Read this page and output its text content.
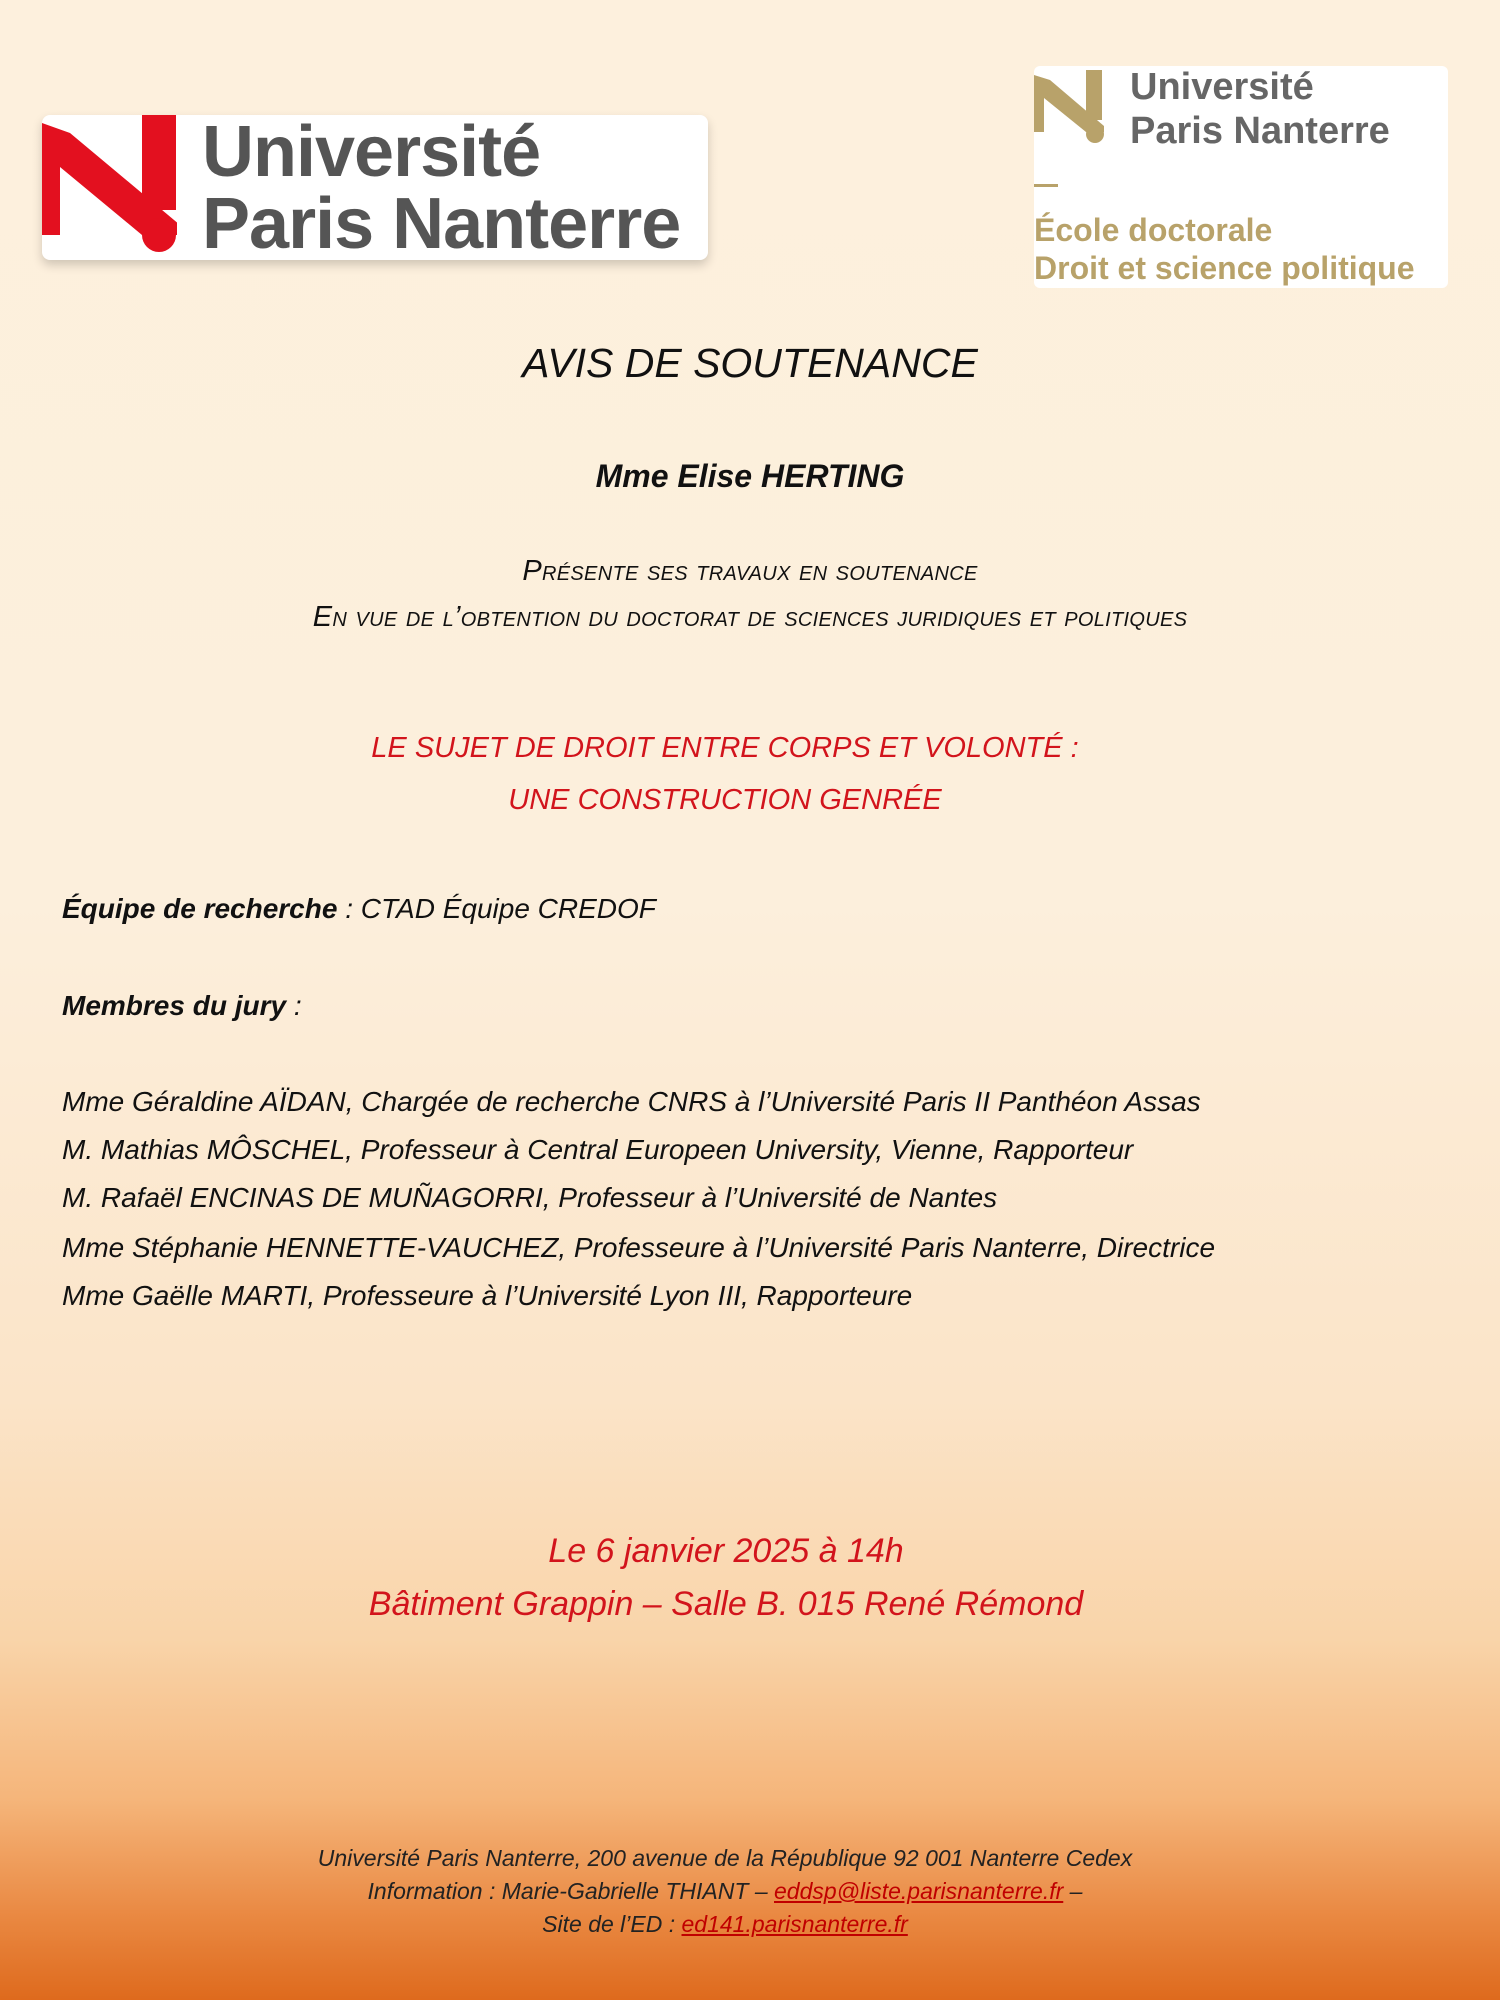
Université
Paris Nanterre
Université
Paris Nanterre
École doctorale
Droit et science politique
AVIS DE SOUTENANCE
Mme Elise HERTING
Présente ses travaux en soutenance
En vue de l’obtention du doctorat de sciences juridiques et politiques
LE SUJET DE DROIT ENTRE CORPS ET VOLONTÉ :
UNE CONSTRUCTION GENRÉE
Équipe de recherche : CTAD Équipe CREDOF
Membres du jury :
Mme Géraldine AÏDAN, Chargée de recherche CNRS à l’Université Paris II Panthéon Assas
M. Mathias MÔSCHEL, Professeur à Central Europeen University, Vienne, Rapporteur
M. Rafaël ENCINAS DE MUÑAGORRI, Professeur à l’Université de Nantes
Mme Stéphanie HENNETTE-VAUCHEZ, Professeure à l’Université Paris Nanterre, Directrice
Mme Gaëlle MARTI, Professeure à l’Université Lyon III, Rapporteure
Le 6 janvier 2025 à 14h
Bâtiment Grappin – Salle B. 015 René Rémond
Université Paris Nanterre, 200 avenue de la République 92 001 Nanterre Cedex
Information : Marie-Gabrielle THIANT – eddsp@liste.parisnanterre.fr –
Site de l’ED : ed141.parisnanterre.fr
